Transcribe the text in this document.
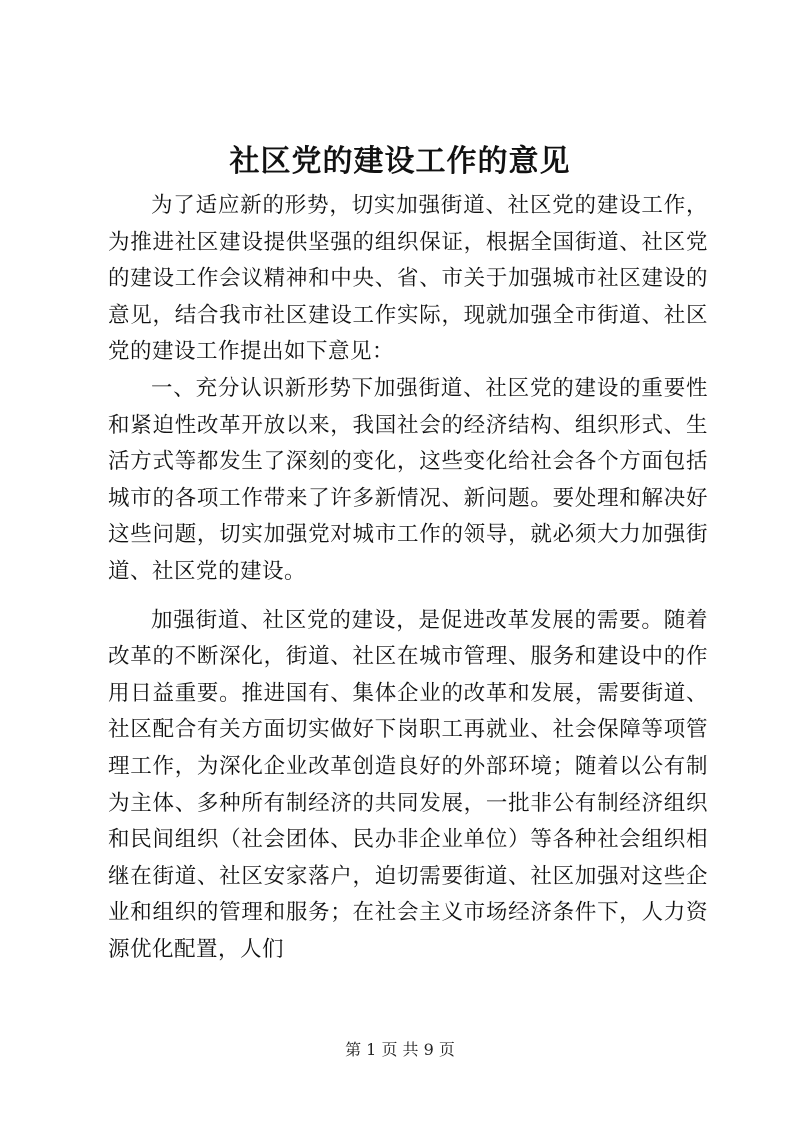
社区党的建设工作的意见

为了适应新的形势，切实加强街道、社区党的建设工作，为推进社区建设提供坚强的组织保证，根据全国街道、社区党的建设工作会议精神和中央、省、市关于加强城市社区建设的意见，结合我市社区建设工作实际，现就加强全市街道、社区党的建设工作提出如下意见：

一、充分认识新形势下加强街道、社区党的建设的重要性和紧迫性改革开放以来，我国社会的经济结构、组织形式、生活方式等都发生了深刻的变化，这些变化给社会各个方面包括城市的各项工作带来了许多新情况、新问题。要处理和解决好这些问题，切实加强党对城市工作的领导，就必须大力加强街道、社区党的建设。

加强街道、社区党的建设，是促进改革发展的需要。随着改革的不断深化，街道、社区在城市管理、服务和建设中的作用日益重要。推进国有、集体企业的改革和发展，需要街道、社区配合有关方面切实做好下岗职工再就业、社会保障等项管理工作，为深化企业改革创造良好的外部环境；随着以公有制为主体、多种所有制经济的共同发展，一批非公有制经济组织和民间组织（社会团体、民办非企业单位）等各种社会组织相继在街道、社区安家落户，迫切需要街道、社区加强对这些企业和组织的管理和服务；在社会主义市场经济条件下，人力资源优化配置，人们

第 1 页 共 9 页
